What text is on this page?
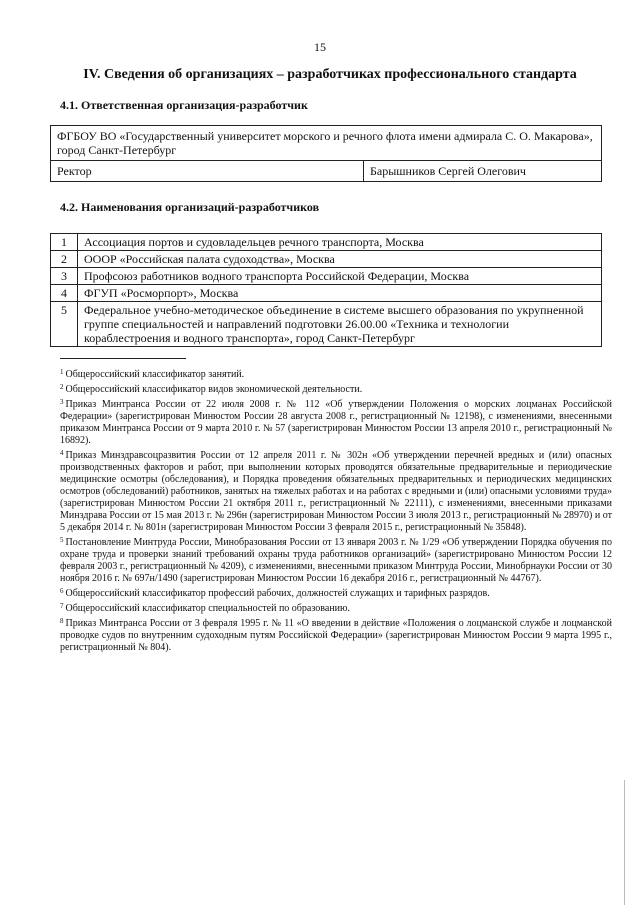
15
IV. Сведения об организациях – разработчиках профессионального стандарта
4.1. Ответственная организация-разработчик
ФГБОУ ВО «Государственный университет морского и речного флота имени адмирала С. О. Макарова», город Санкт-Петербург
Ректор	Барышников Сергей Олегович
4.2. Наименования организаций-разработчиков
1	Ассоциация портов и судовладельцев речного транспорта, Москва
2	ОООР «Российская палата судоходства», Москва
3	Профсоюз работников водного транспорта Российской Федерации, Москва
4	ФГУП «Росморпорт», Москва
5	Федеральное учебно-методическое объединение в системе высшего образования по укрупненной группе специальностей и направлений подготовки 26.00.00 «Техника и технологии кораблестроения и водного транспорта», город Санкт-Петербург

$^1$ Общероссийский классификатор занятий.

$^2$ Общероссийский классификатор видов экономической деятельности.

$^3$ Приказ Минтранса России от 22 июля 2008 г. № 112 «Об утверждении Положения о морских лоцманах Российской Федерации» (зарегистрирован Минюстом России 28 августа 2008 г., регистрационный № 12198), с изменениями, внесенными приказом Минтранса России от 9 марта 2010 г. № 57 (зарегистрирован Минюстом России 13 апреля 2010 г., регистрационный № 16892).

$^4$ Приказ Минздравсоцразвития России от 12 апреля 2011 г. № 302н «Об утверждении перечней вредных и (или) опасных производственных факторов и работ, при выполнении которых проводятся обязательные предварительные и периодические медицинские осмотры (обследования), и Порядка проведения обязательных предварительных и периодических медицинских осмотров (обследований) работников, занятых на тяжелых работах и на работах с вредными и (или) опасными условиями труда» (зарегистрирован Минюстом России 21 октября 2011 г., регистрационный № 22111), с изменениями, внесенными приказами Минздрава России от 15 мая 2013 г. № 296н (зарегистрирован Минюстом России 3 июля 2013 г., регистрационный № 28970) и от 5 декабря 2014 г. № 801н (зарегистрирован Минюстом России 3 февраля 2015 г., регистрационный № 35848).

$^5$ Постановление Минтруда России, Минобразования России от 13 января 2003 г. № 1/29 «Об утверждении Порядка обучения по охране труда и проверки знаний требований охраны труда работников организаций» (зарегистрировано Минюстом России 12 февраля 2003 г., регистрационный № 4209), с изменениями, внесенными приказом Минтруда России, Минобрнауки России от 30 ноября 2016 г. № 697н/1490 (зарегистрирован Минюстом России 16 декабря 2016 г., регистрационный № 44767).

$^6$ Общероссийский классификатор профессий рабочих, должностей служащих и тарифных разрядов.

$^7$ Общероссийский классификатор специальностей по образованию.

$^8$ Приказ Минтранса России от 3 февраля 1995 г. № 11 «О введении в действие «Положения о лоцманской службе и лоцманской проводке судов по внутренним судоходным путям Российской Федерации» (зарегистрирован Минюстом России 9 марта 1995 г., регистрационный № 804).
